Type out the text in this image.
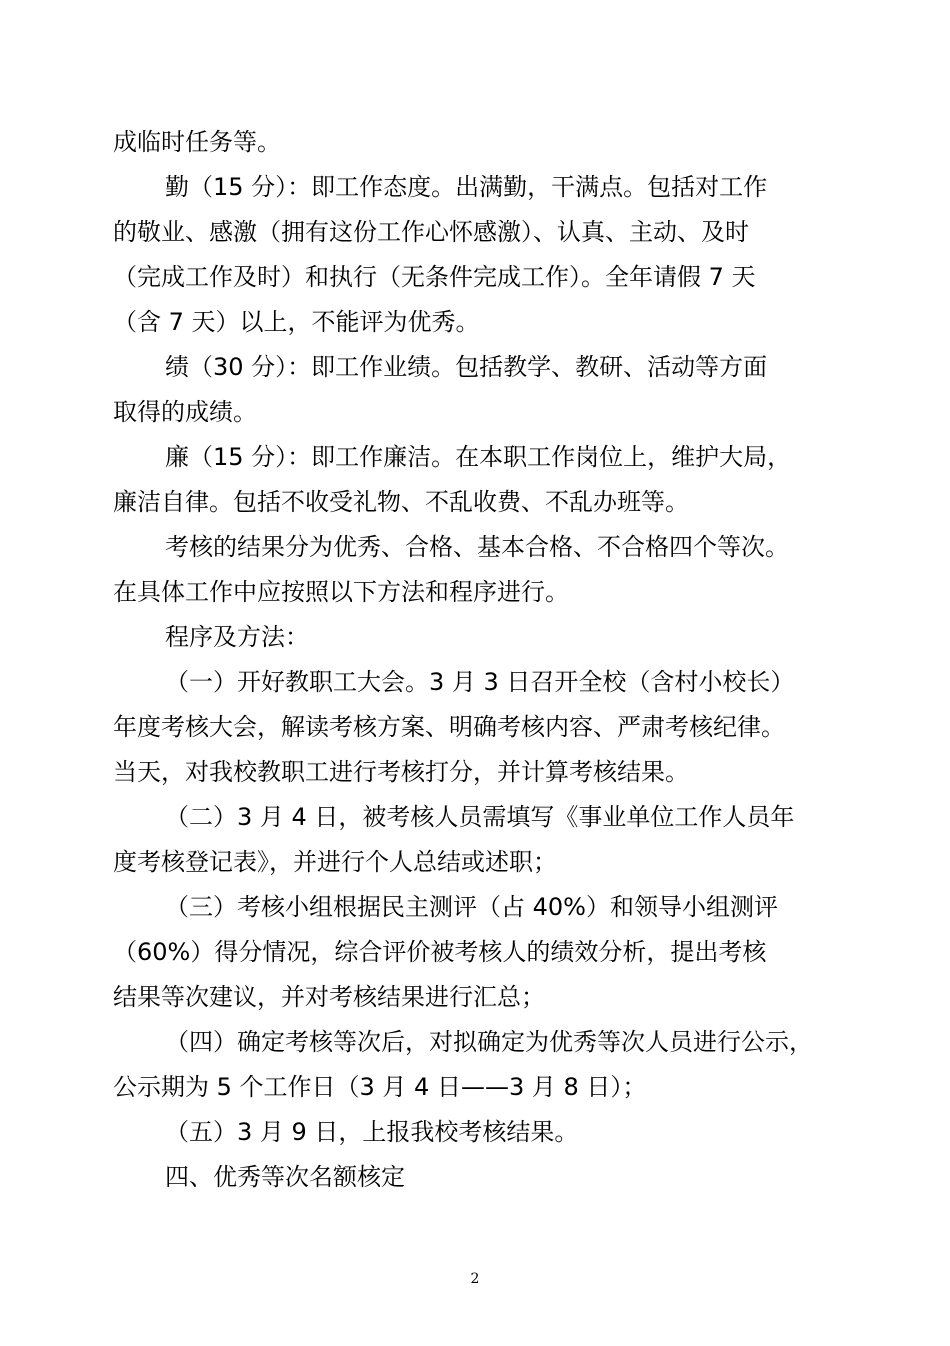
成临时任务等。
勤（15 分）：即工作态度。出满勤，干满点。包括对工作
的敬业、感激（拥有这份工作心怀感激）、认真、主动、及时
（完成工作及时）和执行（无条件完成工作）。全年请假 7 天
（含 7 天）以上，不能评为优秀。
绩（30 分）：即工作业绩。包括教学、教研、活动等方面
取得的成绩。
廉（15 分）：即工作廉洁。在本职工作岗位上，维护大局，
廉洁自律。包括不收受礼物、不乱收费、不乱办班等。
考核的结果分为优秀、合格、基本合格、不合格四个等次。
在具体工作中应按照以下方法和程序进行。
程序及方法：
（一）开好教职工大会。3 月 3 日召开全校（含村小校长）
年度考核大会，解读考核方案、明确考核内容、严肃考核纪律。
当天，对我校教职工进行考核打分，并计算考核结果。
（二）3 月 4 日，被考核人员需填写《事业单位工作人员年
度考核登记表》，并进行个人总结或述职；
（三）考核小组根据民主测评（占 40%）和领导小组测评
（60%）得分情况，综合评价被考核人的绩效分析，提出考核
结果等次建议，并对考核结果进行汇总；
（四）确定考核等次后，对拟确定为优秀等次人员进行公示，
公示期为 5 个工作日（3 月 4 日——3 月 8 日）；
（五）3 月 9 日，上报我校考核结果。
四、优秀等次名额核定
2
